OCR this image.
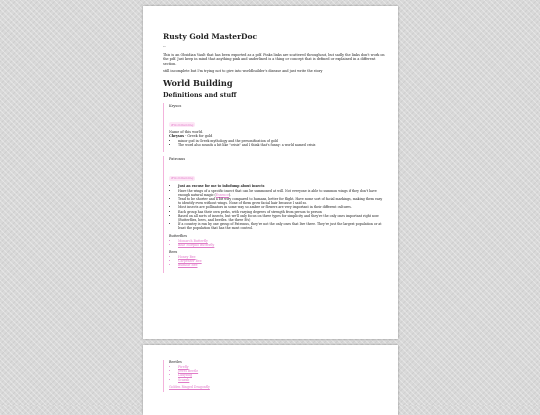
Rusty Gold MasterDoc
--

This is an Obsidian Vault that has been exported as a pdf. Pinks links are scattered throughout, but sadly the links don't work on the pdf. Just keep in mind that anything pink and underlined is a thing or concept that is defined or explained in a different section.

still incomplete but I'm trying not to give into worldbuilder's disease and just write the story

World Building
Definitions and stuff
Krysos
#Worldbuilding
Name of this world.
Chrysos - Greek for gold
• minor god in Greek mythology and the personification of gold
• The word also sounds a bit like "crisis" and I think that's funny: a world named crisis
Patronus
#Worldbuilding
• Just an excuse for me to infodump about insects
• Have the wings of a specific insect that can be summoned at will. Not everyone is able to summon wings if they don't have enough natural magic (Essence).
• Tend to be shorter and a bit wiry compared to humans, better for flight. Have some sort of facial markings, making them easy to identify even without wings. None of them grow facial hair because I said so.
• Most insects are pollinators in some way so amber or flowers are very important in their different cultures.
• Each group has their own perks, with varying degrees of strength from person to person
• Based on all sorts of insects, but we'll only focus on three types for simplicity and they're the only ones important right now. (Butterflies, bees, and beetles. the three B's)
• If a country is run by one group of Patronus, they're not the only ones that live there. They're just the largest population or at least the population that has the most control.
Butterflies
• Monarch Butterfly
• Blue Morpho Butterfly
Bees
• Honey Bee
• Carpenter Bee
• Bumble Bee
Beetles
• Firefly
• Jewel Beetle
• Ladybug
• Scarab
Golden Ringed Dragonfly
